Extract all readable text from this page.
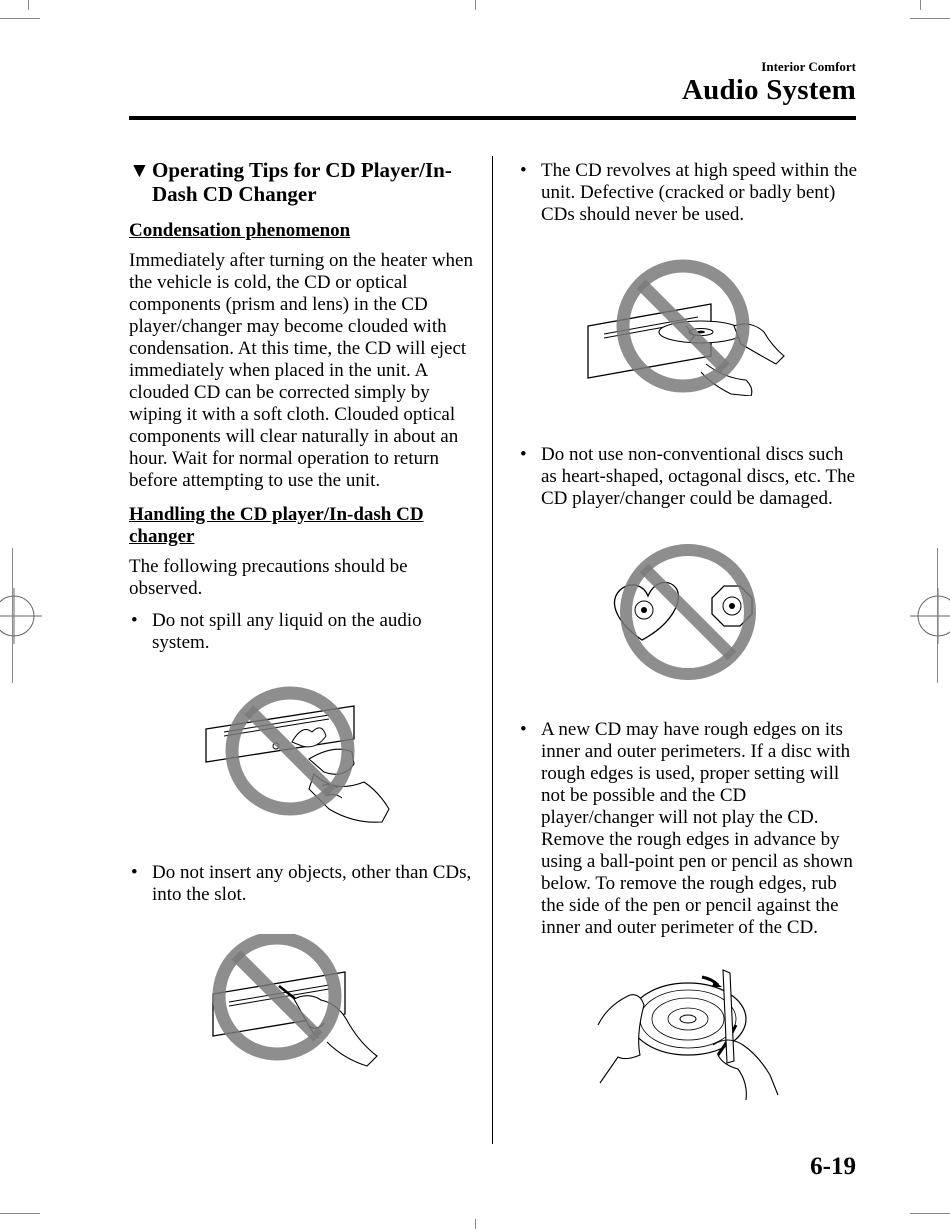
Interior Comfort
Audio System
▼ Operating Tips for CD Player/In-Dash CD Changer
Condensation phenomenon
Immediately after turning on the heater when the vehicle is cold, the CD or optical components (prism and lens) in the CD player/changer may become clouded with condensation. At this time, the CD will eject immediately when placed in the unit. A clouded CD can be corrected simply by wiping it with a soft cloth. Clouded optical components will clear naturally in about an hour. Wait for normal operation to return before attempting to use the unit.
Handling the CD player/In-dash CD changer
The following precautions should be observed.
• Do not spill any liquid on the audio system.
• Do not insert any objects, other than CDs, into the slot.
• The CD revolves at high speed within the unit. Defective (cracked or badly bent) CDs should never be used.
• Do not use non-conventional discs such as heart-shaped, octagonal discs, etc. The CD player/changer could be damaged.
• A new CD may have rough edges on its inner and outer perimeters. If a disc with rough edges is used, proper setting will not be possible and the CD player/changer will not play the CD. Remove the rough edges in advance by using a ball-point pen or pencil as shown below. To remove the rough edges, rub the side of the pen or pencil against the inner and outer perimeter of the CD.
6-19
